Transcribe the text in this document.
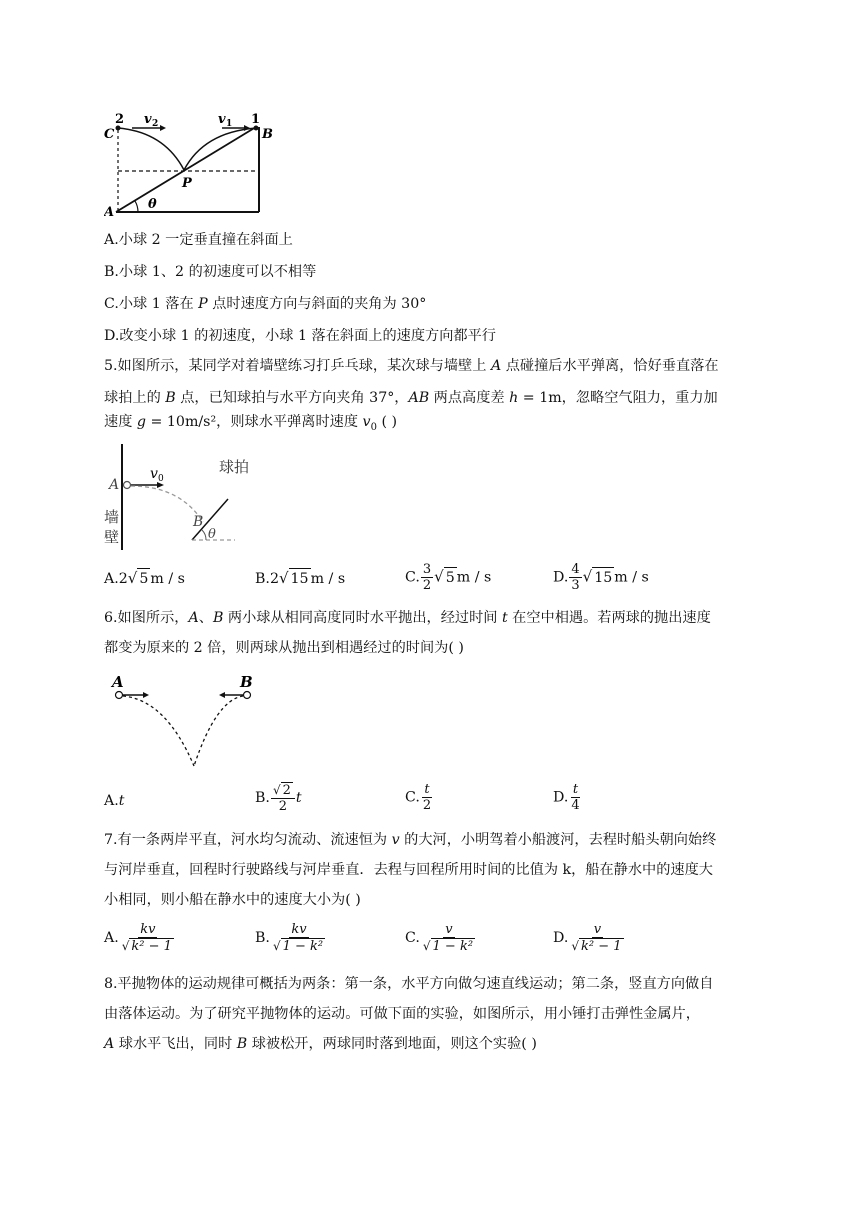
C
2 v 2	v 1 1
B
P
A
θ
A.小球 2 一定垂直撞在斜面上
B.小球 1、2 的初速度可以不相等
C.小球 1 落在 P 点时速度方向与斜面的夹角为 30°
D.改变小球 1 的初速度，小球 1 落在斜面上的速度方向都平行
5.如图所示，某同学对着墙壁练习打乒乓球，某次球与墙壁上 A 点碰撞后水平弹离，恰好垂直落在
球拍上的 B 点，已知球拍与水平方向夹角 37°，AB 两点高度差 h = 1m，忽略空气阻力，重力加
速度 g = 10m/s²，则球水平弹离时速度 $v_0$ ( )
A
v 0
球拍
墙
壁
B
θ
A.2√ 5 m / s	B.2√ 15 m / s	C. $\frac{3}{2}$ √ 5 m / s	D. $\frac{4}{3}$ √ 15 m / s
6.如图所示，A、B 两小球从相同高度同时水平抛出，经过时间 t 在空中相遇。若两球的抛出速度
都变为原来的 2 倍，则两球从抛出到相遇经过的时间为( )
A	B
A.t	B. $\frac{√ 2}{2}$ t	C. $\frac{t}{2}$	D. $\frac{t}{4}$
7.有一条两岸平直，河水均匀流动、流速恒为 v 的大河，小明驾着小船渡河，去程时船头朝向始终
与河岸垂直，回程时行驶路线与河岸垂直．去程与回程所用时间的比值为 k，船在静水中的速度大
小相同，则小船在静水中的速度大小为( )
A. $\frac{kv}{\text{√ k² − 1}}$	B. $\frac{kv}{\text{√ 1 − k²}}$	C. $\frac{v}{\text{√ 1 − k²}}$	D. $\frac{v}{\text{√ k² − 1}}$
8.平抛物体的运动规律可概括为两条：第一条，水平方向做匀速直线运动；第二条，竖直方向做自
由落体运动。为了研究平抛物体的运动。可做下面的实验，如图所示，用小锤打击弹性金属片，
A 球水平飞出，同时 B 球被松开，两球同时落到地面，则这个实验( )
